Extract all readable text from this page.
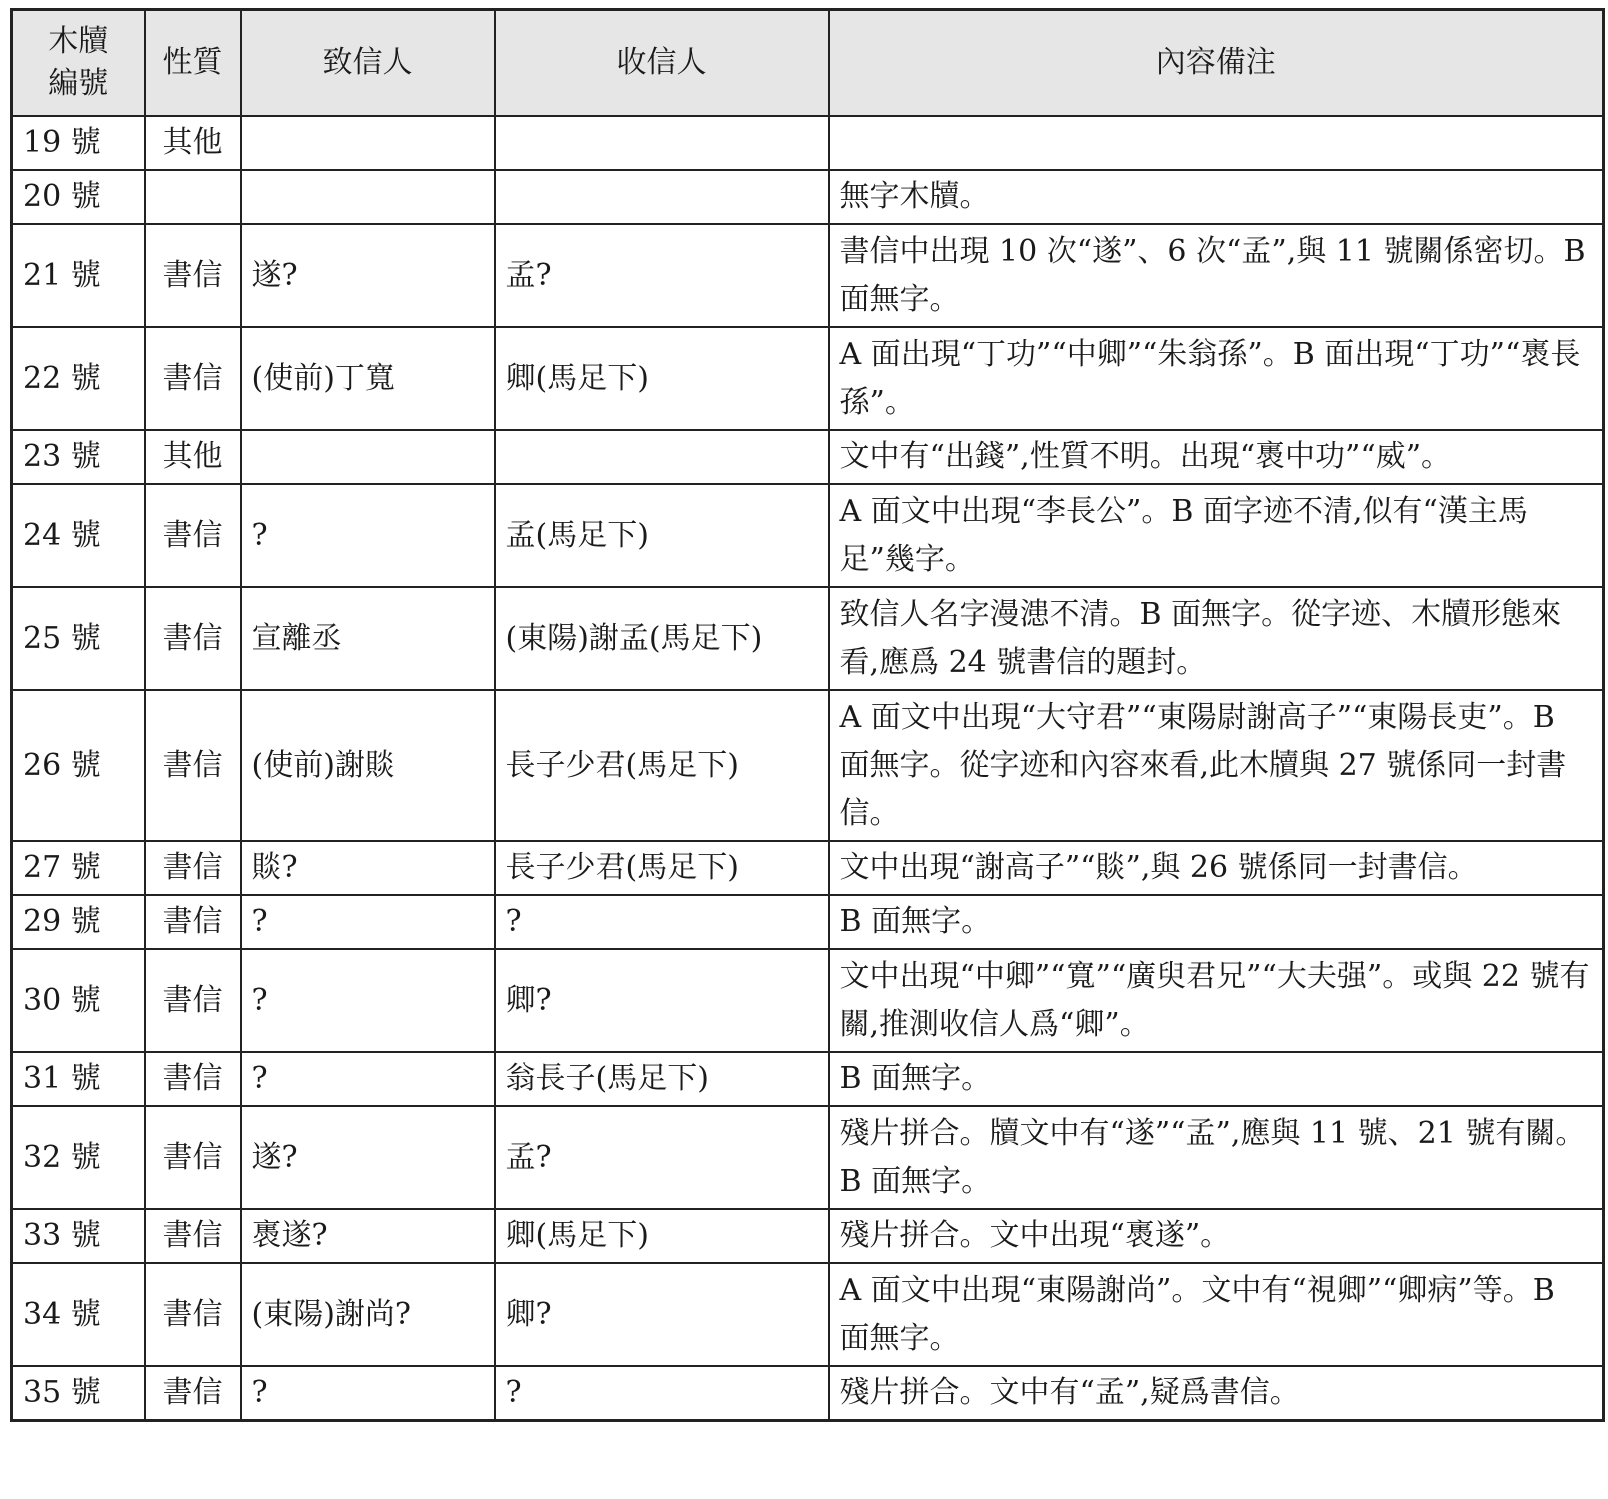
木牘編號	性質	致信人	收信人	內容備注
19 號	其他			
20 號				無字木牘。
21 號	書信	遂?	孟?	書信中出現 10 次“遂”、6 次“孟”,與 11 號關係密切。B 面無字。
22 號	書信	(使前)丁寬	卿(馬足下)	A 面出現“丁功”“中卿”“朱翁孫”。B 面出現“丁功”“褭長孫”。
23 號	其他			文中有“出錢”,性質不明。出現“褭中功”“威”。
24 號	書信	?	孟(馬足下)	A 面文中出現“李長公”。B 面字迹不清,似有“漢主馬足”幾字。
25 號	書信	宣離丞	(東陽)謝孟(馬足下)	致信人名字漫漶不清。B 面無字。從字迹、木牘形態來看,應爲 24 號書信的題封。
26 號	書信	(使前)謝賧	長子少君(馬足下)	A 面文中出現“大守君”“東陽尉謝高子”“東陽長吏”。B 面無字。從字迹和內容來看,此木牘與 27 號係同一封書信。
27 號	書信	賧?	長子少君(馬足下)	文中出現“謝高子”“賧”,與 26 號係同一封書信。
29 號	書信	?	?	B 面無字。
30 號	書信	?	卿?	文中出現“中卿”“寬”“廣臾君兄”“大夫强”。或與 22 號有關,推測收信人爲“卿”。
31 號	書信	?	翁長子(馬足下)	B 面無字。
32 號	書信	遂?	孟?	殘片拼合。牘文中有“遂”“孟”,應與 11 號、21 號有關。B 面無字。
33 號	書信	褭遂?	卿(馬足下)	殘片拼合。文中出現“褭遂”。
34 號	書信	(東陽)謝尚?	卿?	A 面文中出現“東陽謝尚”。文中有“視卿”“卿病”等。B 面無字。
35 號	書信	?	?	殘片拼合。文中有“孟”,疑爲書信。
